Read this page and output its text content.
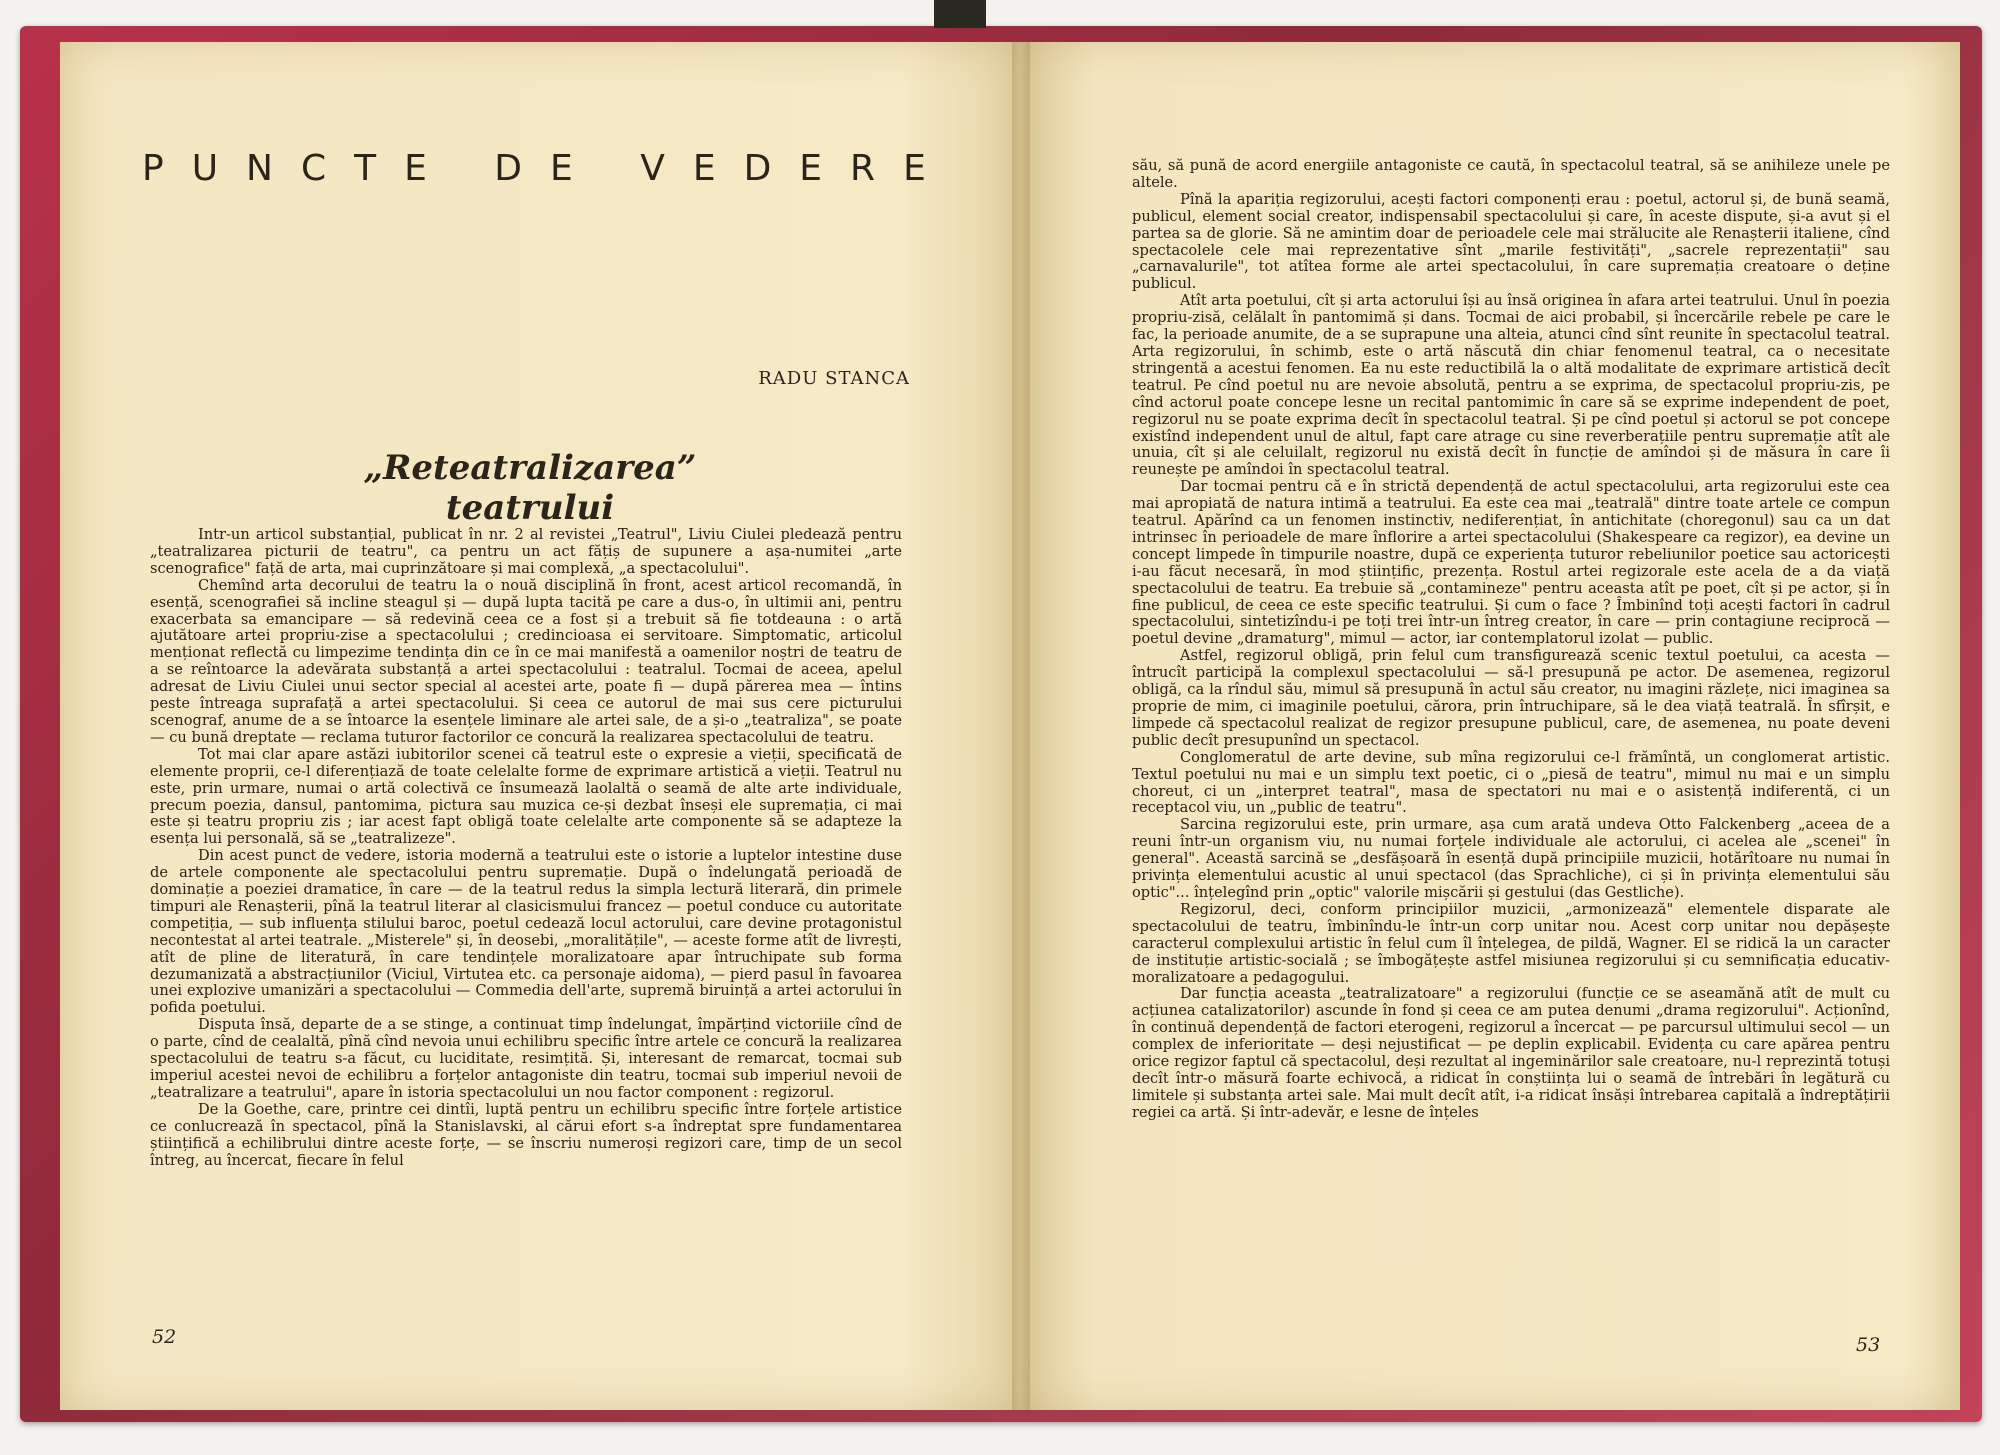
PUNCTE DE VEDERE
RADU STANCA
„Reteatralizarea” teatrului

Intr-un articol substanțial, publicat în nr. 2 al revistei „Teatrul", Liviu Ciulei pledează pentru „teatralizarea picturii de teatru", ca pentru un act fățiș de supunere a așa-numitei „arte scenografice" față de arta, mai cuprinzătoare și mai complexă, „a spectacolului".

Chemînd arta decorului de teatru la o nouă disciplină în front, acest articol recomandă, în esență, scenografiei să incline steagul și — după lupta tacită pe care a dus-o, în ultimii ani, pentru exacerbata sa emancipare — să redevină ceea ce a fost și a trebuit să fie totdeauna : o artă ajutătoare artei propriu-zise a spectacolului ; credincioasa ei servitoare. Simptomatic, articolul menționat reflectă cu limpezime tendința din ce în ce mai manifestă a oamenilor noștri de teatru de a se reîntoarce la adevărata substanță a artei spectacolului : teatralul. Tocmai de aceea, apelul adresat de Liviu Ciulei unui sector special al acestei arte, poate fi — după părerea mea — întins peste întreaga suprafață a artei spectacolului. Și ceea ce autorul de mai sus cere picturului scenograf, anume de a se întoarce la esențele liminare ale artei sale, de a și-o „teatraliza", se poate — cu bună dreptate — reclama tuturor factorilor ce concură la realizarea spectacolului de teatru.

Tot mai clar apare astăzi iubitorilor scenei că teatrul este o expresie a vieții, specificată de elemente proprii, ce-l diferențiază de toate celelalte forme de exprimare artistică a vieții. Teatrul nu este, prin urmare, numai o artă colectivă ce însumează laolaltă o seamă de alte arte individuale, precum poezia, dansul, pantomima, pictura sau muzica ce-și dezbat înseși ele supremația, ci mai este și teatru propriu zis ; iar acest fapt obligă toate celelalte arte componente să se adapteze la esența lui personală, să se „teatralizeze".

Din acest punct de vedere, istoria modernă a teatrului este o istorie a luptelor intestine duse de artele componente ale spectacolului pentru supremație. După o îndelungată perioadă de dominație a poeziei dramatice, în care — de la teatrul redus la simpla lectură literară, din primele timpuri ale Renașterii, pînă la teatrul literar al clasicismului francez — poetul conduce cu autoritate competiția, — sub influența stilului baroc, poetul cedează locul actorului, care devine protagonistul necontestat al artei teatrale. „Misterele" și, în deosebi, „moralitățile", — aceste forme atît de livrești, atît de pline de literatură, în care tendințele moralizatoare apar întruchipate sub forma dezumanizată a abstracțiunilor (Viciul, Virtutea etc. ca personaje aidoma), — pierd pasul în favoarea unei explozive umanizări a spectacolului — Commedia dell'arte, supremă biruință a artei actorului în pofida poetului.

Disputa însă, departe de a se stinge, a continuat timp îndelungat, împărțind victoriile cînd de o parte, cînd de cealaltă, pînă cînd nevoia unui echilibru specific între artele ce concură la realizarea spectacolului de teatru s-a făcut, cu luciditate, resimțită. Și, interesant de remarcat, tocmai sub imperiul acestei nevoi de echilibru a forțelor antagoniste din teatru, tocmai sub imperiul nevoii de „teatralizare a teatrului", apare în istoria spectacolului un nou factor component : regizorul.

De la Goethe, care, printre cei dintîi, luptă pentru un echilibru specific între forțele artistice ce conlucrează în spectacol, pînă la Stanislavski, al cărui efort s-a îndreptat spre fundamentarea științifică a echilibrului dintre aceste forțe, — se înscriu numeroși regizori care, timp de un secol întreg, au încercat, fiecare în felul

său, să pună de acord energiile antagoniste ce caută, în spectacolul teatral, să se anihileze unele pe altele.

Pînă la apariția regizorului, acești factori componenți erau : poetul, actorul și, de bună seamă, publicul, element social creator, indispensabil spectacolului și care, în aceste dispute, și-a avut și el partea sa de glorie. Să ne amintim doar de perioadele cele mai strălucite ale Renașterii italiene, cînd spectacolele cele mai reprezentative sînt „marile festivități", „sacrele reprezentații" sau „carnavalurile", tot atîtea forme ale artei spectacolului, în care supremația creatoare o deține publicul.

Atît arta poetului, cît și arta actorului își au însă originea în afara artei teatrului. Unul în poezia propriu-zisă, celălalt în pantomimă și dans. Tocmai de aici probabil, și încercările rebele pe care le fac, la perioade anumite, de a se suprapune una alteia, atunci cînd sînt reunite în spectacolul teatral. Arta regizorului, în schimb, este o artă născută din chiar fenomenul teatral, ca o necesitate stringentă a acestui fenomen. Ea nu este reductibilă la o altă modalitate de exprimare artistică decît teatrul. Pe cînd poetul nu are nevoie absolută, pentru a se exprima, de spectacolul propriu-zis, pe cînd actorul poate concepe lesne un recital pantomimic în care să se exprime independent de poet, regizorul nu se poate exprima decît în spectacolul teatral. Și pe cînd poetul și actorul se pot concepe existînd independent unul de altul, fapt care atrage cu sine reverberațiile pentru supremație atît ale unuia, cît și ale celuilalt, regizorul nu există decît în funcție de amîndoi și de măsura în care îi reunește pe amîndoi în spectacolul teatral.

Dar tocmai pentru că e în strictă dependență de actul spectacolului, arta regizorului este cea mai apropiată de natura intimă a teatrului. Ea este cea mai „teatrală" dintre toate artele ce compun teatrul. Apărînd ca un fenomen instinctiv, nediferențiat, în antichitate (choregonul) sau ca un dat intrinsec în perioadele de mare înflorire a artei spectacolului (Shakespeare ca regizor), ea devine un concept limpede în timpurile noastre, după ce experiența tuturor rebeliunilor poetice sau actoricești i-au făcut necesară, în mod științific, prezența. Rostul artei regizorale este acela de a da viață spectacolului de teatru. Ea trebuie să „contamineze" pentru aceasta atît pe poet, cît și pe actor, și în fine publicul, de ceea ce este specific teatrului. Și cum o face ? Îmbinînd toți acești factori în cadrul spectacolului, sintetizîndu-i pe toți trei într-un întreg creator, în care — prin contagiune reciprocă — poetul devine „dramaturg", mimul — actor, iar contemplatorul izolat — public.

Astfel, regizorul obligă, prin felul cum transfigurează scenic textul poetului, ca acesta — întrucît participă la complexul spectacolului — să-l presupună pe actor. De asemenea, regizorul obligă, ca la rîndul său, mimul să presupună în actul său creator, nu imagini răzlețe, nici imaginea sa proprie de mim, ci imaginile poetului, cărora, prin întruchipare, să le dea viață teatrală. În sfîrșit, e limpede că spectacolul realizat de regizor presupune publicul, care, de asemenea, nu poate deveni public decît presupunînd un spectacol.

Conglomeratul de arte devine, sub mîna regizorului ce-l frămîntă, un conglomerat artistic. Textul poetului nu mai e un simplu text poetic, ci o „piesă de teatru", mimul nu mai e un simplu choreut, ci un „interpret teatral", masa de spectatori nu mai e o asistență indiferentă, ci un receptacol viu, un „public de teatru".

Sarcina regizorului este, prin urmare, așa cum arată undeva Otto Falckenberg „aceea de a reuni într-un organism viu, nu numai forțele individuale ale actorului, ci acelea ale „scenei" în general". Această sarcină se „desfășoară în esență după principiile muzicii, hotărîtoare nu numai în privința elementului acustic al unui spectacol (das Sprachliche), ci și în privința elementului său optic"... înțelegînd prin „optic" valorile mișcării și gestului (das Gestliche).

Regizorul, deci, conform principiilor muzicii, „armonizează" elementele disparate ale spectacolului de teatru, îmbinîndu-le într-un corp unitar nou. Acest corp unitar nou depășește caracterul complexului artistic în felul cum îl înțelegea, de pildă, Wagner. El se ridică la un caracter de instituție artistic-socială ; se îmbogățește astfel misiunea regizorului și cu semnificația educativ-moralizatoare a pedagogului.

Dar funcția aceasta „teatralizatoare" a regizorului (funcție ce se aseamănă atît de mult cu acțiunea catalizatorilor) ascunde în fond și ceea ce am putea denumi „drama regizorului". Acționînd, în continuă dependență de factori eterogeni, regizorul a încercat — pe parcursul ultimului secol — un complex de inferioritate — deși nejustificat — pe deplin explicabil. Evidența cu care apărea pentru orice regizor faptul că spectacolul, deși rezultat al ingeminărilor sale creatoare, nu-l reprezintă totuși decît într-o măsură foarte echivocă, a ridicat în conștiința lui o seamă de întrebări în legătură cu limitele și substanța artei sale. Mai mult decît atît, i-a ridicat însăși întrebarea capitală a îndreptățirii regiei ca artă. Și într-adevăr, e lesne de înțeles

52	53
